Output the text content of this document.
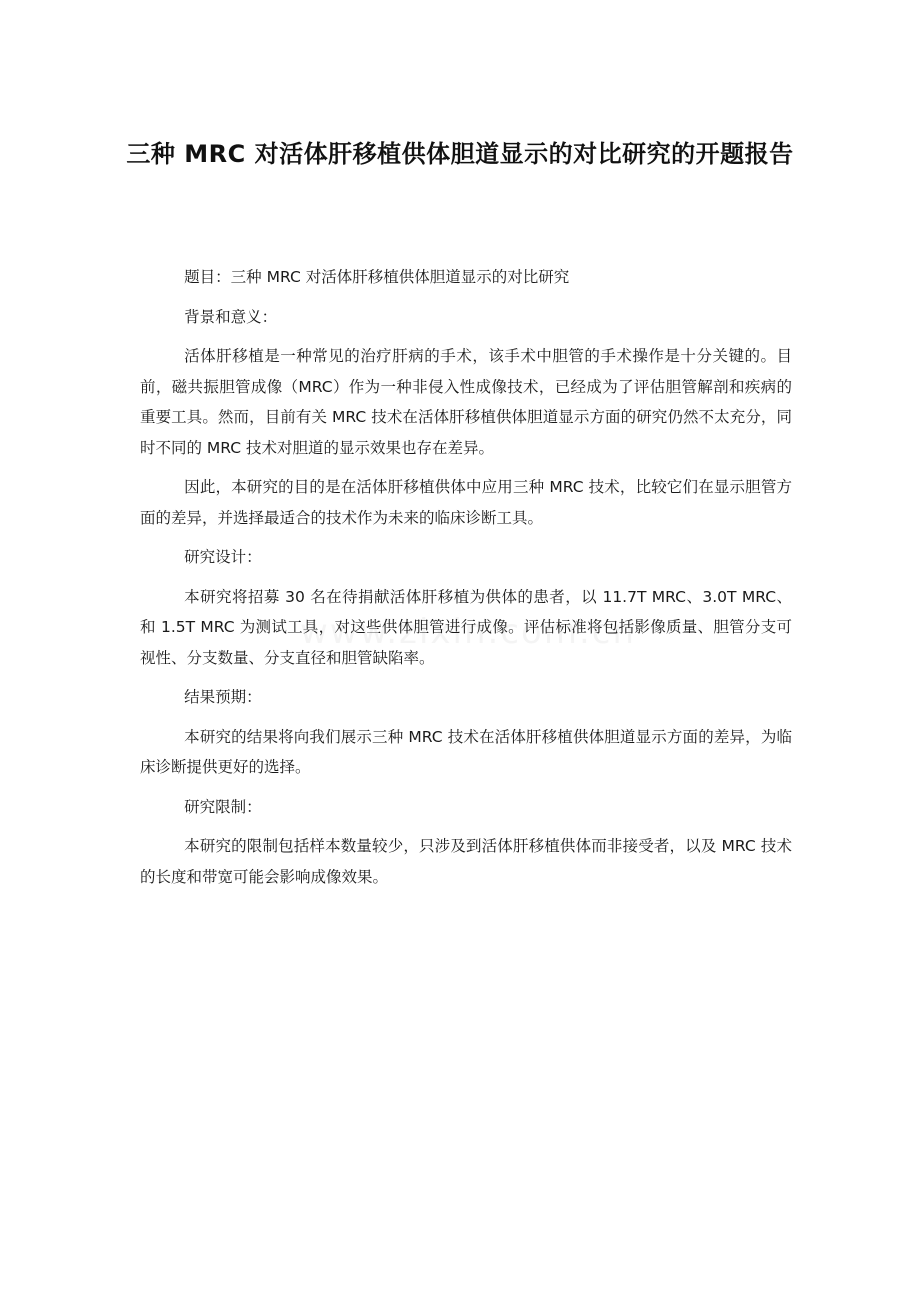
三种 MRC 对活体肝移植供体胆道显示的对比研究的开题报告

题目：三种 MRC 对活体肝移植供体胆道显示的对比研究

背景和意义：

活体肝移植是一种常见的治疗肝病的手术，该手术中胆管的手术操作是十分关键的。目前，磁共振胆管成像（MRC）作为一种非侵入性成像技术，已经成为了评估胆管解剖和疾病的重要工具。然而，目前有关 MRC 技术在活体肝移植供体胆道显示方面的研究仍然不太充分，同时不同的 MRC 技术对胆道的显示效果也存在差异。

因此，本研究的目的是在活体肝移植供体中应用三种 MRC 技术，比较它们在显示胆管方面的差异，并选择最适合的技术作为未来的临床诊断工具。

研究设计：

本研究将招募 30 名在待捐献活体肝移植为供体的患者，以 11.7T MRC、3.0T MRC、和 1.5T MRC 为测试工具，对这些供体胆管进行成像。评估标准将包括影像质量、胆管分支可视性、分支数量、分支直径和胆管缺陷率。

结果预期：

本研究的结果将向我们展示三种 MRC 技术在活体肝移植供体胆道显示方面的差异，为临床诊断提供更好的选择。

研究限制：

本研究的限制包括样本数量较少，只涉及到活体肝移植供体而非接受者，以及 MRC 技术的长度和带宽可能会影响成像效果。
